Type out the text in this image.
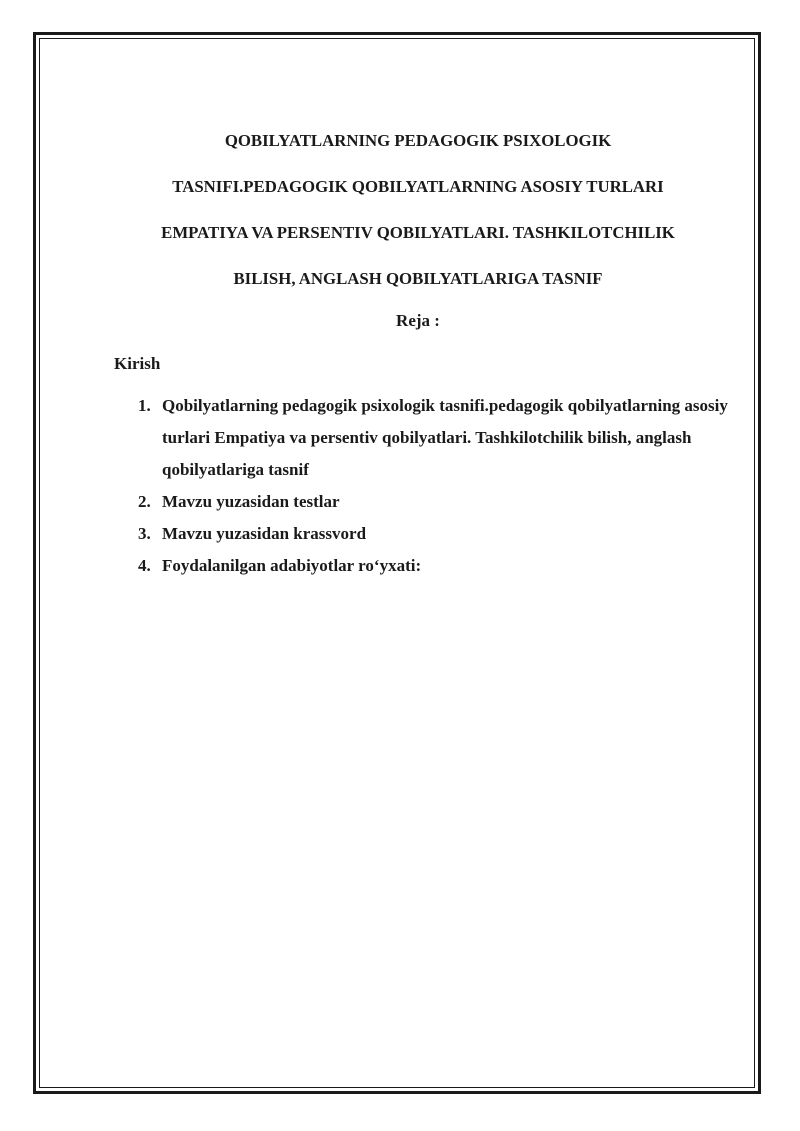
QOBILYATLARNING PEDAGOGIK PSIXOLOGIK
TASNIFI.PEDAGOGIK QOBILYATLARNING ASOSIY TURLARI
EMPATIYA VA PERSENTIV QOBILYATLARI. TASHKILOTCHILIK
BILISH, ANGLASH QOBILYATLARIGA TASNIF
Reja :
Kirish
1. Qobilyatlarning pedagogik psixologik tasnifi.pedagogik qobilyatlarning asosiy turlari Empatiya va persentiv qobilyatlari. Tashkilotchilik bilish, anglash qobilyatlariga tasnif
2. Mavzu yuzasidan testlar
3. Mavzu yuzasidan krassvord
4. Foydalanilgan adabiyotlar ro‘yxati:
